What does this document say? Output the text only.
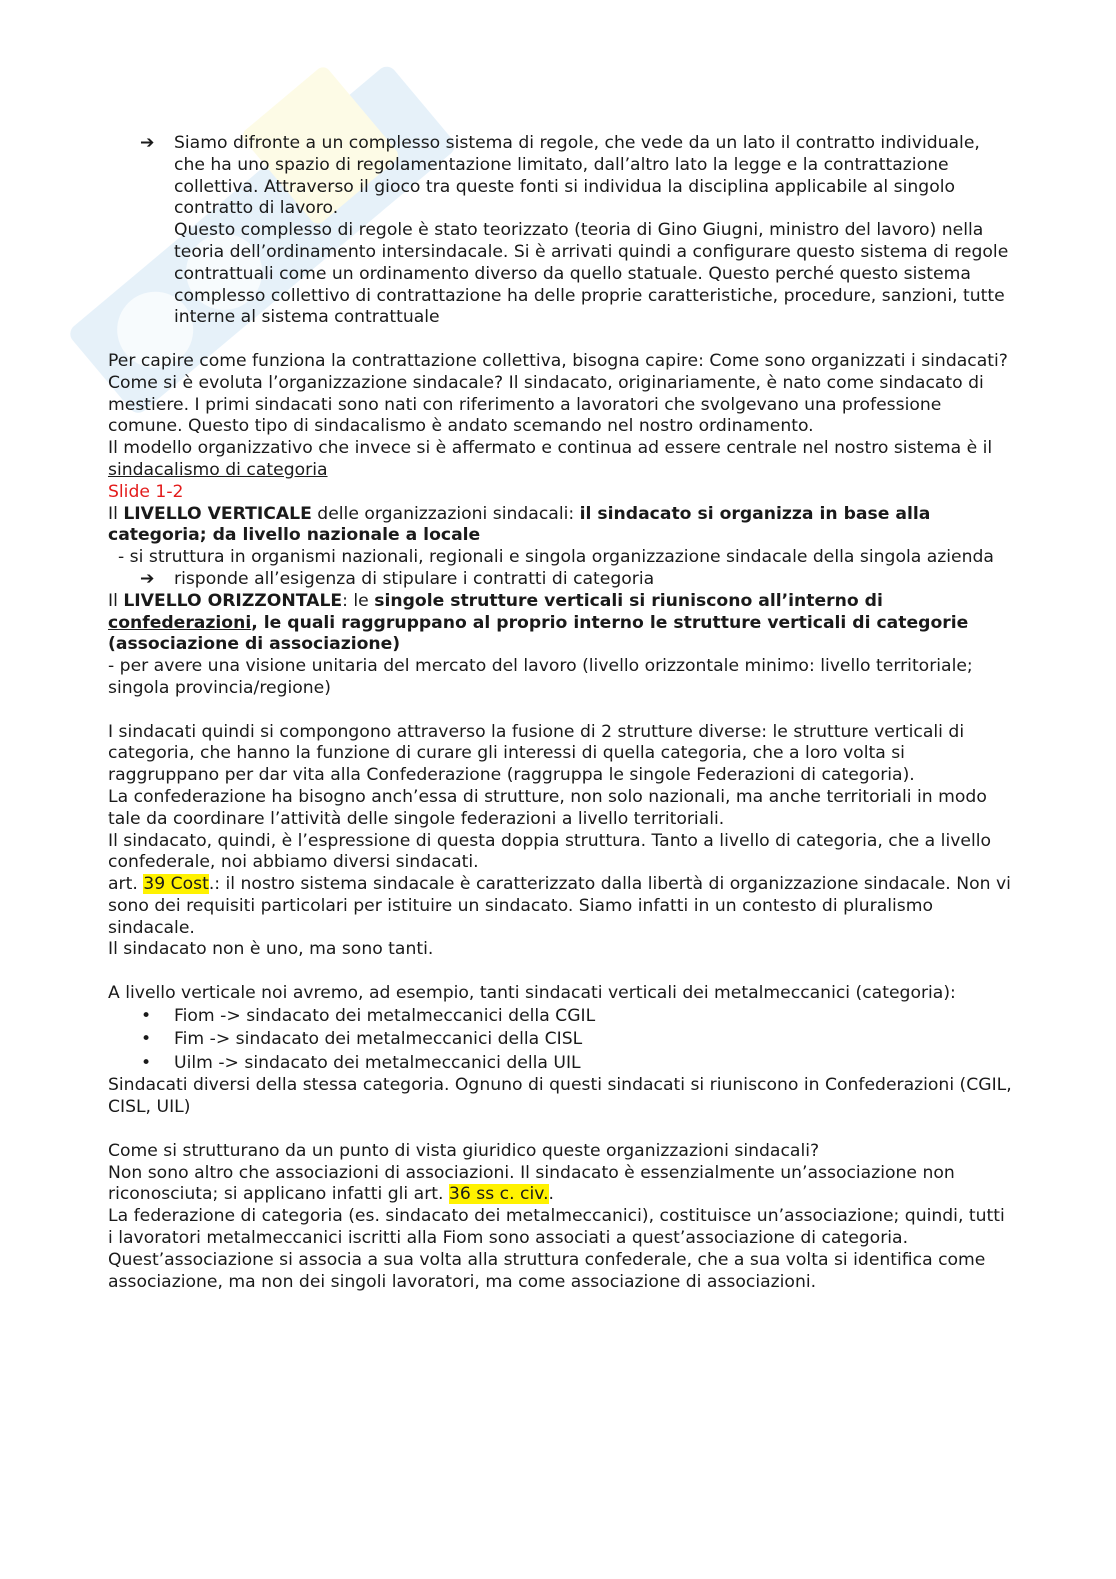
➔ Siamo difronte a un complesso sistema di regole, che vede da un lato il contratto individuale, che ha uno spazio di regolamentazione limitato, dall’altro lato la legge e la contrattazione collettiva. Attraverso il gioco tra queste fonti si individua la disciplina applicabile al singolo contratto di lavoro.
Questo complesso di regole è stato teorizzato (teoria di Gino Giugni, ministro del lavoro) nella teoria dell’ordinamento intersindacale. Si è arrivati quindi a configurare questo sistema di regole contrattuali come un ordinamento diverso da quello statuale. Questo perché questo sistema complesso collettivo di contrattazione ha delle proprie caratteristiche, procedure, sanzioni, tutte interne al sistema contrattuale

Per capire come funziona la contrattazione collettiva, bisogna capire: Come sono organizzati i sindacati?

Come si è evoluta l’organizzazione sindacale? Il sindacato, originariamente, è nato come sindacato di mestiere. I primi sindacati sono nati con riferimento a lavoratori che svolgevano una professione comune. Questo tipo di sindacalismo è andato scemando nel nostro ordinamento.

Il modello organizzativo che invece si è affermato e continua ad essere centrale nel nostro sistema è il sindacalismo di categoria

Slide 1-2

Il LIVELLO VERTICALE delle organizzazioni sindacali: il sindacato si organizza in base alla categoria; da livello nazionale a locale

- si struttura in organismi nazionali, regionali e singola organizzazione sindacale della singola azienda

➔ risponde all’esigenza di stipulare i contratti di categoria

Il LIVELLO ORIZZONTALE: le singole strutture verticali si riuniscono all’interno di confederazioni, le quali raggruppano al proprio interno le strutture verticali di categorie (associazione di associazione)

- per avere una visione unitaria del mercato del lavoro (livello orizzontale minimo: livello territoriale; singola provincia/regione)

I sindacati quindi si compongono attraverso la fusione di 2 strutture diverse: le strutture verticali di categoria, che hanno la funzione di curare gli interessi di quella categoria, che a loro volta si raggruppano per dar vita alla Confederazione (raggruppa le singole Federazioni di categoria).

La confederazione ha bisogno anch’essa di strutture, non solo nazionali, ma anche territoriali in modo tale da coordinare l’attività delle singole federazioni a livello territoriali.

Il sindacato, quindi, è l’espressione di questa doppia struttura. Tanto a livello di categoria, che a livello confederale, noi abbiamo diversi sindacati.

art. 39 Cost.: il nostro sistema sindacale è caratterizzato dalla libertà di organizzazione sindacale. Non vi sono dei requisiti particolari per istituire un sindacato. Siamo infatti in un contesto di pluralismo sindacale.

Il sindacato non è uno, ma sono tanti.

A livello verticale noi avremo, ad esempio, tanti sindacati verticali dei metalmeccanici (categoria):

• Fiom -> sindacato dei metalmeccanici della CGIL
• Fim -> sindacato dei metalmeccanici della CISL
• Uilm -> sindacato dei metalmeccanici della UIL

Sindacati diversi della stessa categoria. Ognuno di questi sindacati si riuniscono in Confederazioni (CGIL, CISL, UIL)

Come si strutturano da un punto di vista giuridico queste organizzazioni sindacali?

Non sono altro che associazioni di associazioni. Il sindacato è essenzialmente un’associazione non riconosciuta; si applicano infatti gli art. 36 ss c. civ..

La federazione di categoria (es. sindacato dei metalmeccanici), costituisce un’associazione; quindi, tutti i lavoratori metalmeccanici iscritti alla Fiom sono associati a quest’associazione di categoria.

Quest’associazione si associa a sua volta alla struttura confederale, che a sua volta si identifica come associazione, ma non dei singoli lavoratori, ma come associazione di associazioni.
